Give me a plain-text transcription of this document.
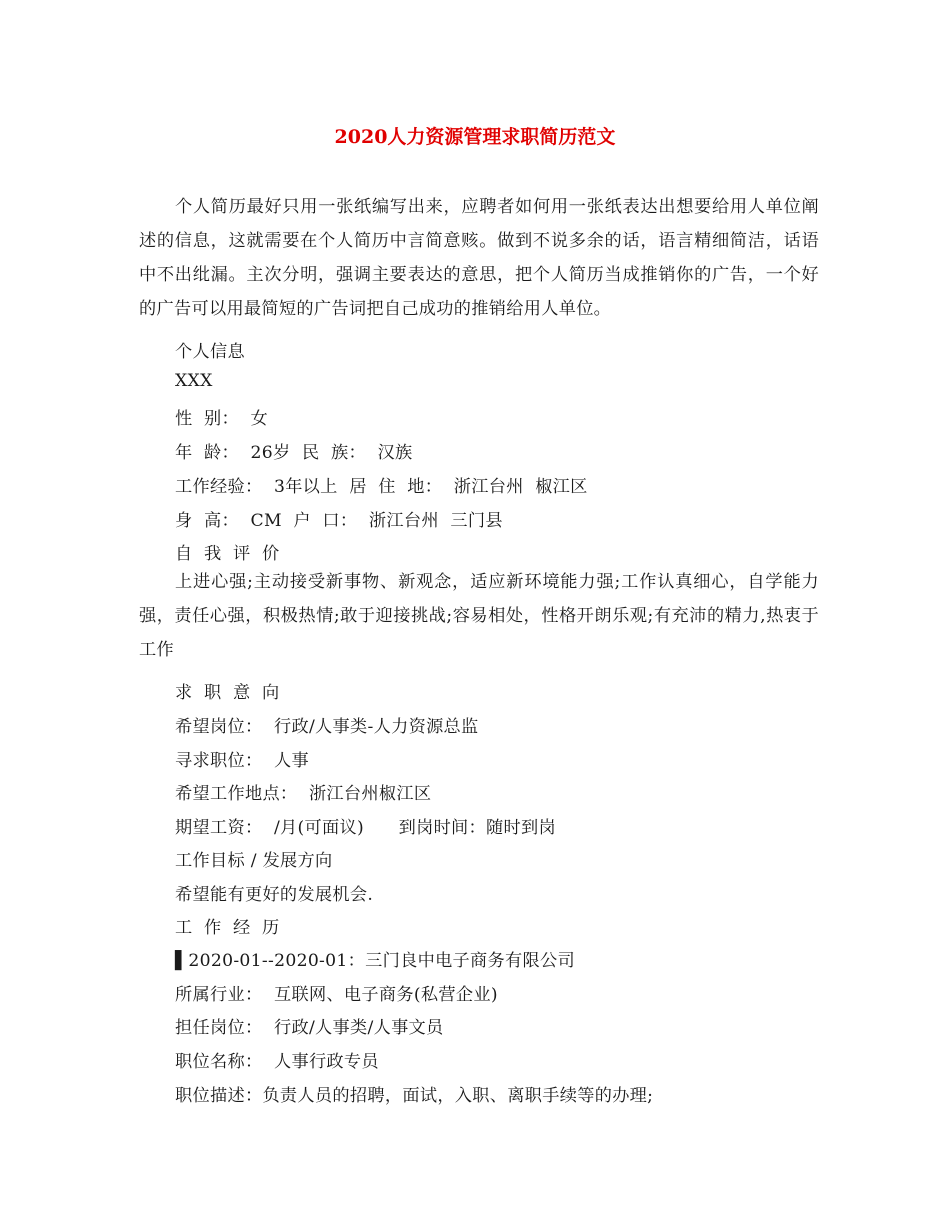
2020人力资源管理求职简历范文

个人简历最好只用一张纸编写出来，应聘者如何用一张纸表达出想要给用人单位阐述的信息，这就需要在个人简历中言简意赅。做到不说多余的话，语言精细简洁，话语中不出纰漏。主次分明，强调主要表达的意思，把个人简历当成推销你的广告，一个好的广告可以用最简短的广告词把自己成功的推销给用人单位。

个人信息
XXX
性  别：  女
年  龄：  26岁  民  族：  汉族
工作经验：  3年以上  居  住  地：  浙江台州  椒江区
身  高：  CM  户  口：  浙江台州  三门县
自  我  评  价

上进心强;主动接受新事物、新观念，适应新环境能力强;工作认真细心，自学能力强，责任心强，积极热情;敢于迎接挑战;容易相处，性格开朗乐观;有充沛的精力,热衷于工作

求  职  意  向
希望岗位：  行政/人事类-人力资源总监
寻求职位：  人事
希望工作地点：  浙江台州椒江区
期望工资：  /月(可面议)      到岗时间：随时到岗
工作目标 / 发展方向
希望能有更好的发展机会.
工  作  经  历
▌2020-01--2020-01：三门良中电子商务有限公司
所属行业：  互联网、电子商务(私营企业)
担任岗位：  行政/人事类/人事文员
职位名称：  人事行政专员
职位描述：负责人员的招聘，面试，入职、离职手续等的办理;
